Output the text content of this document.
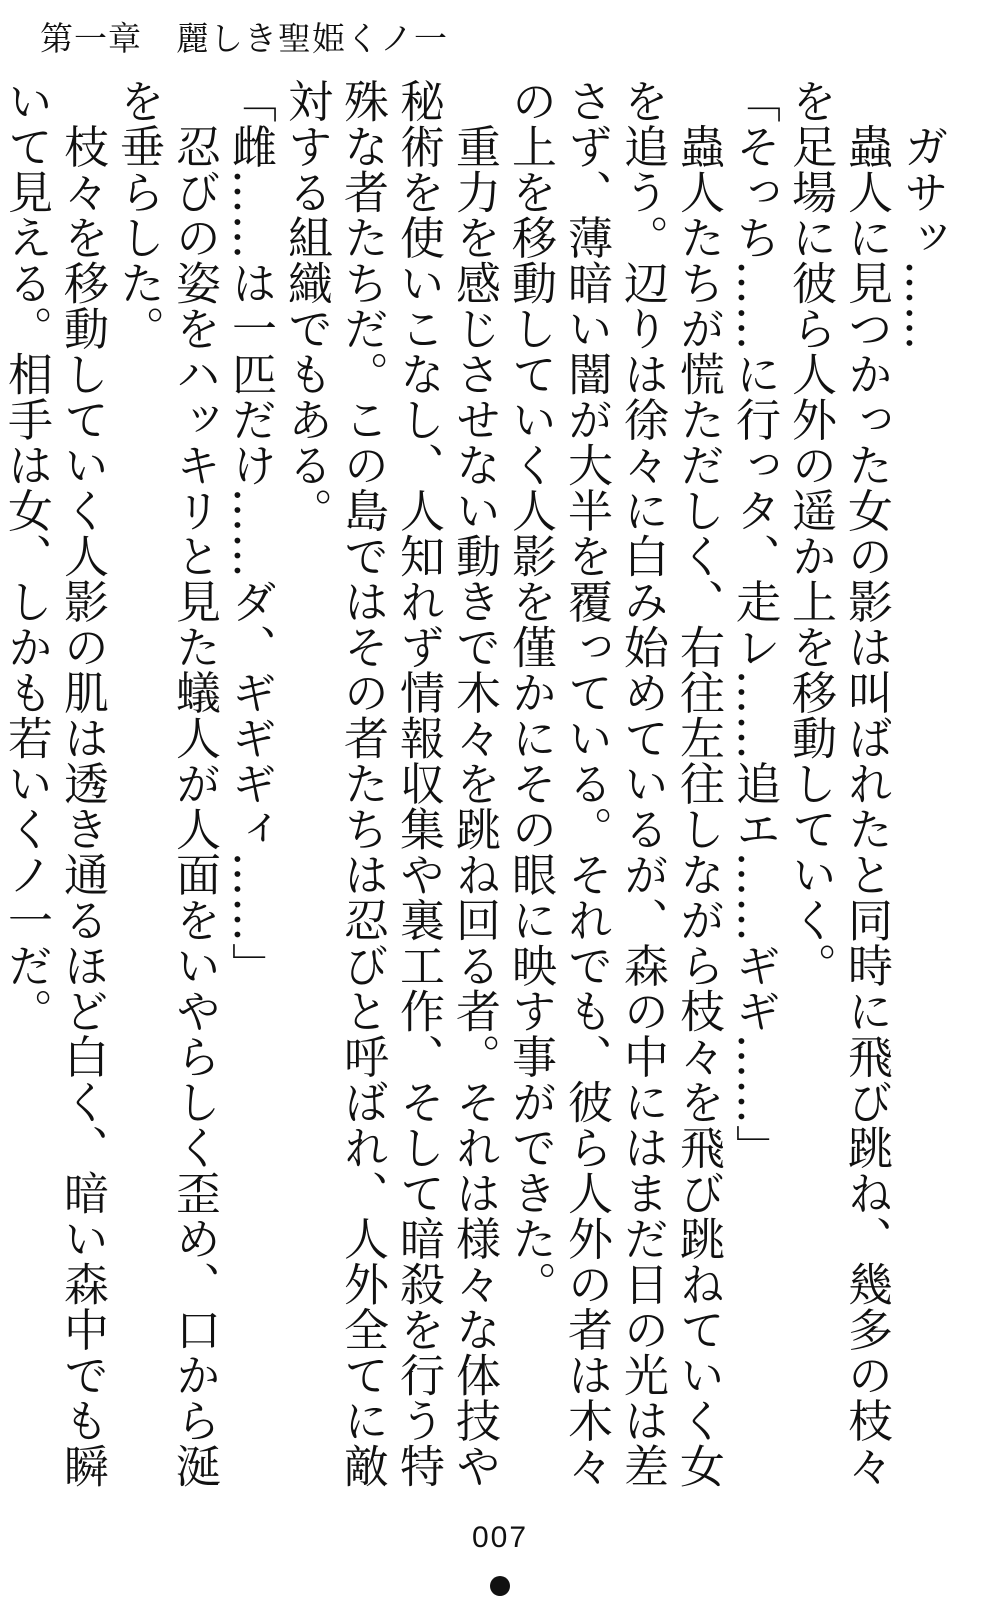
第一章　麗しき聖姫くノ一

　ガサッ……

　蟲人に見つかった女の影は叫ばれたと同時に飛び跳ね、幾多の枝々を足場に彼ら人外の遥か上を移動していく。

「そっち……に行っタ、走レ……追エ……ギギ……」

　蟲人たちが慌ただしく、右往左往しながら枝々を飛び跳ねていく女を追う。辺りは徐々に白み始めているが、森の中にはまだ日の光は差さず、薄暗い闇が大半を覆っている。それでも、彼ら人外の者は木々の上を移動していく人影を僅かにその眼に映す事ができた。

　重力を感じさせない動きで木々を跳ね回る者。それは様々な体技や秘術を使いこなし、人知れず情報収集や裏工作、そして暗殺を行う特殊な者たちだ。この島ではその者たちは忍びと呼ばれ、人外全てに敵対する組織でもある。

「雌……は一匹だけ……ダ、ギギギィ……」

　忍びの姿をハッキリと見た蟻人が人面をいやらしく歪め、口から涎を垂らした。

　枝々を移動していく人影の肌は透き通るほど白く、暗い森中でも瞬いて見える。相手は女、しかも若いくノ一だ。

007
